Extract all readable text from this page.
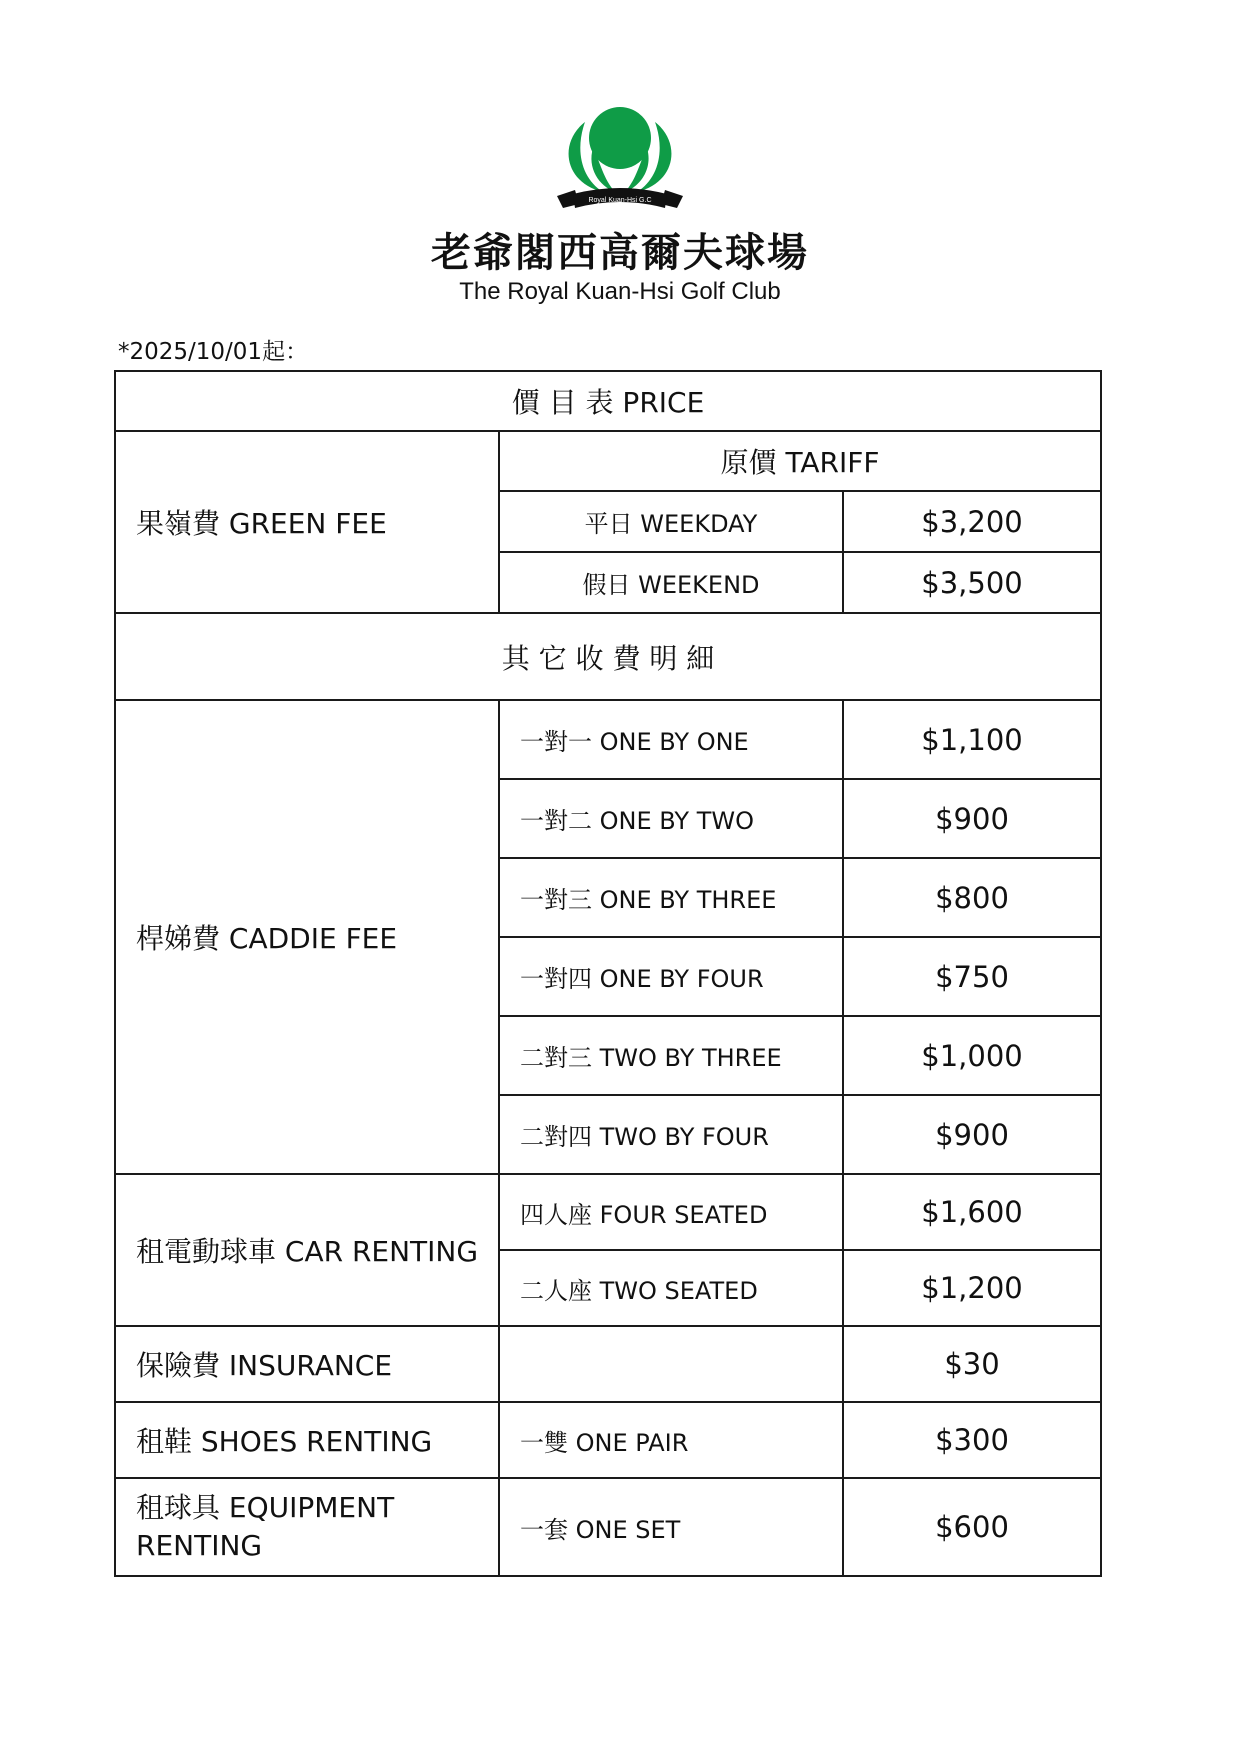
Royal Kuan-Hsi G.C
老爺閣西高爾夫球場
The Royal Kuan-Hsi Golf Club
*2025/10/01起：
價 目 表 PRICE		
果嶺費 GREEN FEE	原價 TARIFF	
	平日 WEEKDAY	$3,200
	假日 WEEKEND	$3,500
其 它 收 費 明 細		
桿娣費 CADDIE FEE	一對一 ONE BY ONE	$1,100
	一對二 ONE BY TWO	$900
	一對三 ONE BY THREE	$800
	一對四 ONE BY FOUR	$750
	二對三 TWO BY THREE	$1,000
	二對四 TWO BY FOUR	$900
租電動球車 CAR RENTING	四人座 FOUR SEATED	$1,600
	二人座 TWO SEATED	$1,200
保險費 INSURANCE		$30
租鞋 SHOES RENTING	一雙 ONE PAIR	$300
租球具 EQUIPMENT RENTING	一套 ONE SET	$600
